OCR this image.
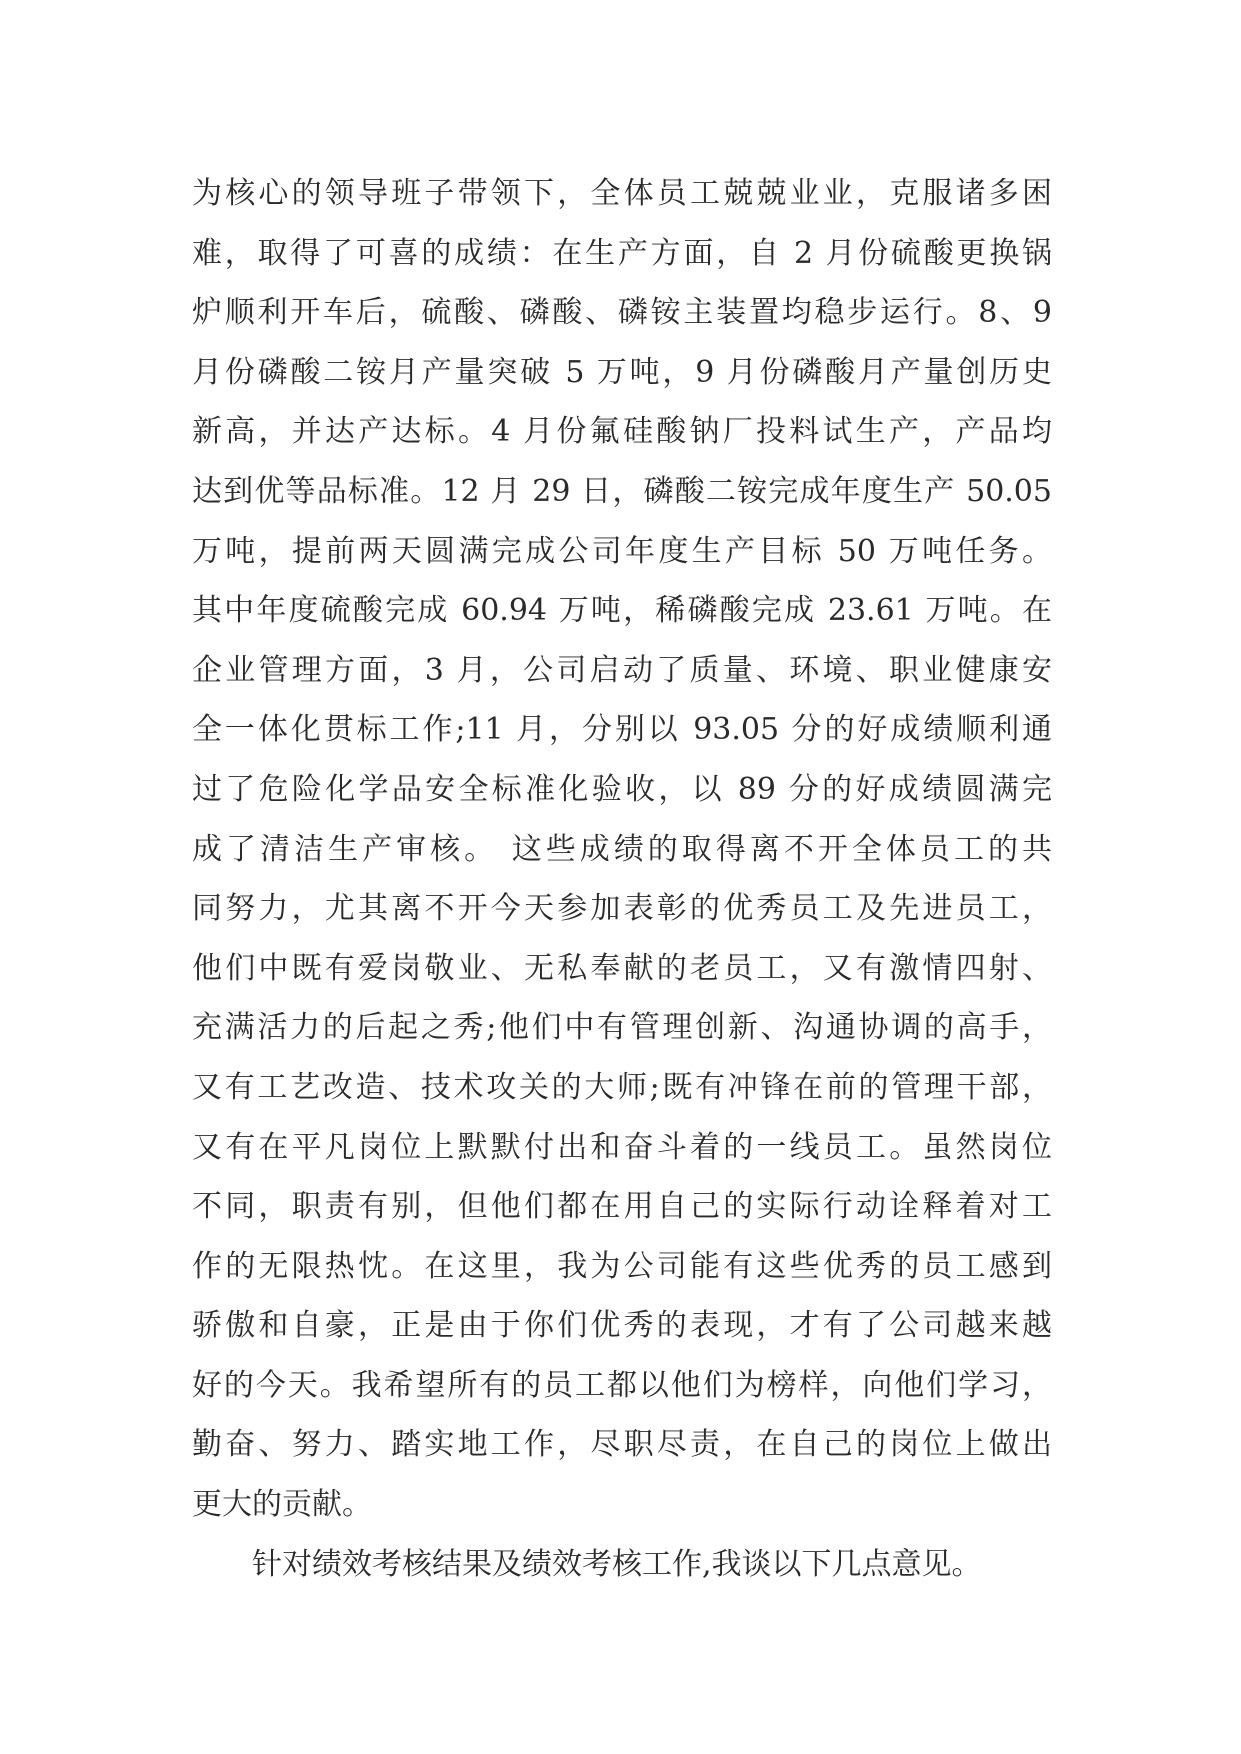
为核心的领导班子带领下，全体员工兢兢业业，克服诸多困
难，取得了可喜的成绩：在生产方面，自 2 月份硫酸更换锅
炉顺利开车后，硫酸、磷酸、磷铵主装置均稳步运行。8、9
月份磷酸二铵月产量突破 5 万吨，9 月份磷酸月产量创历史
新高，并达产达标。4 月份氟硅酸钠厂投料试生产，产品均
达到优等品标准。12 月 29 日，磷酸二铵完成年度生产 50.05
万吨，提前两天圆满完成公司年度生产目标 50 万吨任务。
其中年度硫酸完成 60.94 万吨，稀磷酸完成 23.61 万吨。在
企业管理方面，3 月，公司启动了质量、环境、职业健康安
全一体化贯标工作;11 月，分别以 93.05 分的好成绩顺利通
过了危险化学品安全标准化验收，以 89 分的好成绩圆满完
成了清洁生产审核。 这些成绩的取得离不开全体员工的共
同努力，尤其离不开今天参加表彰的优秀员工及先进员工，
他们中既有爱岗敬业、无私奉献的老员工，又有激情四射、
充满活力的后起之秀;他们中有管理创新、沟通协调的高手，
又有工艺改造、技术攻关的大师;既有冲锋在前的管理干部，
又有在平凡岗位上默默付出和奋斗着的一线员工。虽然岗位
不同，职责有别，但他们都在用自己的实际行动诠释着对工
作的无限热忱。在这里，我为公司能有这些优秀的员工感到
骄傲和自豪，正是由于你们优秀的表现，才有了公司越来越
好的今天。我希望所有的员工都以他们为榜样，向他们学习，
勤奋、努力、踏实地工作，尽职尽责，在自己的岗位上做出
更大的贡献。
针对绩效考核结果及绩效考核工作,我谈以下几点意见。
